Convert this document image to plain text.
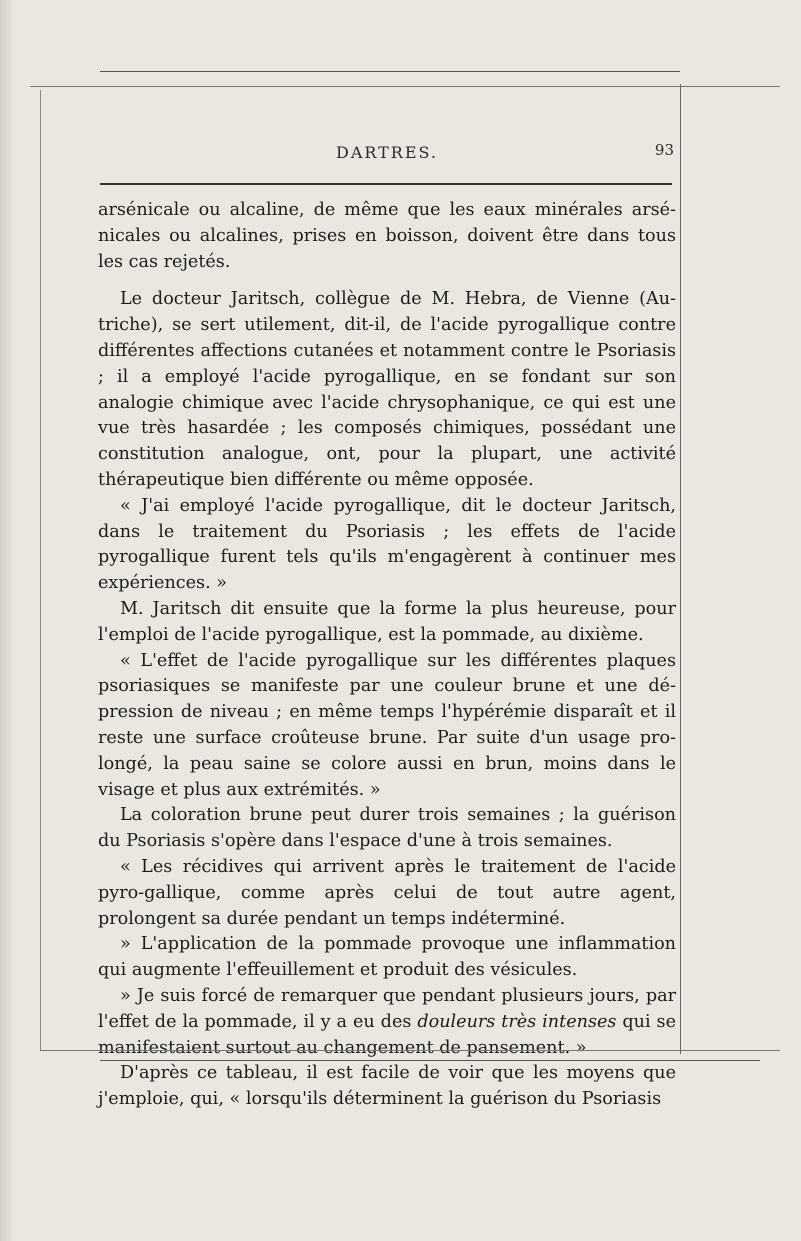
DARTRES.	93

arsénicale ou alcaline, de même que les eaux minérales arsé-nicales ou alcalines, prises en boisson, doivent être dans tous les cas rejetés.

Le docteur Jaritsch, collègue de M. Hebra, de Vienne (Au-triche), se sert utilement, dit-il, de l'acide pyrogallique contre différentes affections cutanées et notamment contre le Psoriasis ; il a employé l'acide pyrogallique, en se fondant sur son analogie chimique avec l'acide chrysophanique, ce qui est une vue très hasardée ; les composés chimiques, possédant une constitution analogue, ont, pour la plupart, une activité thérapeutique bien différente ou même opposée.

« J'ai employé l'acide pyrogallique, dit le docteur Jaritsch, dans le traitement du Psoriasis ; les effets de l'acide pyrogallique furent tels qu'ils m'engagèrent à continuer mes expériences. »

M. Jaritsch dit ensuite que la forme la plus heureuse, pour l'emploi de l'acide pyrogallique, est la pommade, au dixième.

« L'effet de l'acide pyrogallique sur les différentes plaques psoriasiques se manifeste par une couleur brune et une dé-pression de niveau ; en même temps l'hypérémie disparaît et il reste une surface croûteuse brune. Par suite d'un usage pro-longé, la peau saine se colore aussi en brun, moins dans le visage et plus aux extrémités. »

La coloration brune peut durer trois semaines ; la guérison du Psoriasis s'opère dans l'espace d'une à trois semaines.

« Les récidives qui arrivent après le traitement de l'acide pyro-gallique, comme après celui de tout autre agent, prolongent sa durée pendant un temps indéterminé.

» L'application de la pommade provoque une inflammation qui augmente l'effeuillement et produit des vésicules.

» Je suis forcé de remarquer que pendant plusieurs jours, par l'effet de la pommade, il y a eu des douleurs très intenses qui se manifestaient surtout au changement de pansement. »

D'après ce tableau, il est facile de voir que les moyens que j'emploie, qui, « lorsqu'ils déterminent la guérison du Psoriasis
